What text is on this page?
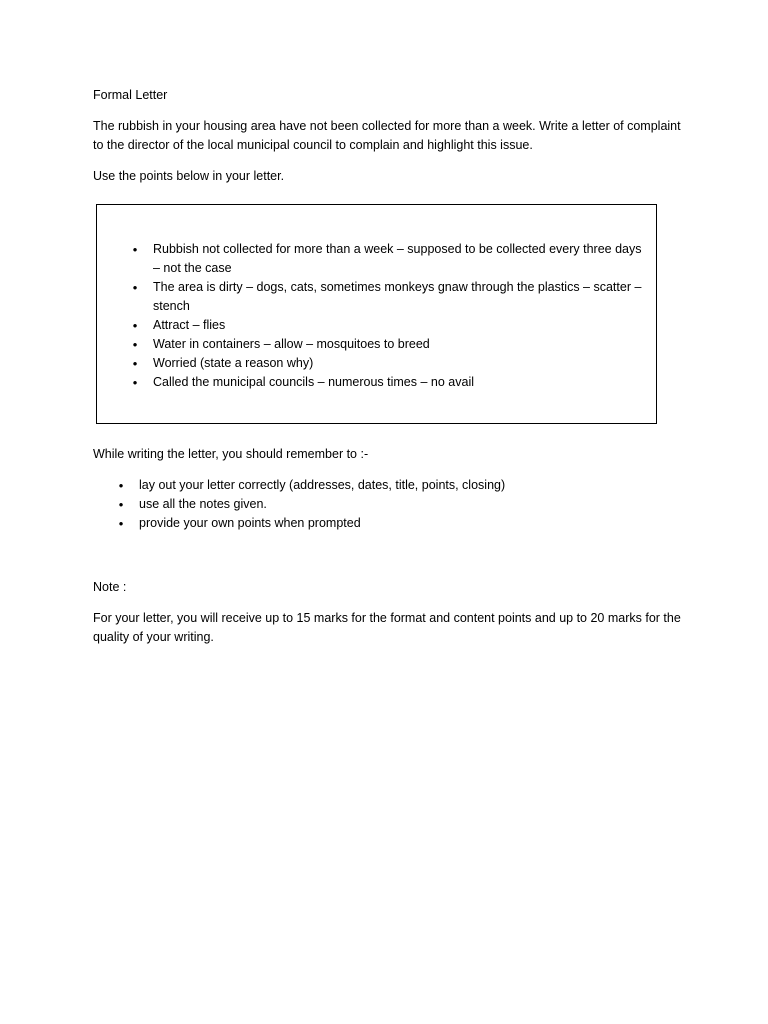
Formal Letter

The rubbish in your housing area have not been collected for more than a week. Write a letter of complaint to the director of the local municipal council to complain and highlight this issue.

Use the points below in your letter.

•	Rubbish not collected for more than a week – supposed to be collected every three days – not the case
•	The area is dirty – dogs, cats, sometimes monkeys gnaw through the plastics – scatter – stench
•	Attract – flies
•	Water in containers – allow – mosquitoes to breed
•	Worried (state a reason why)
•	Called the municipal councils – numerous times – no avail

While writing the letter, you should remember to :-

•	lay out your letter correctly (addresses, dates, title, points, closing)
•	use all the notes given.
•	provide your own points when prompted

Note :

For your letter, you will receive up to 15 marks for the format and content points and up to 20 marks for the quality of your writing.
